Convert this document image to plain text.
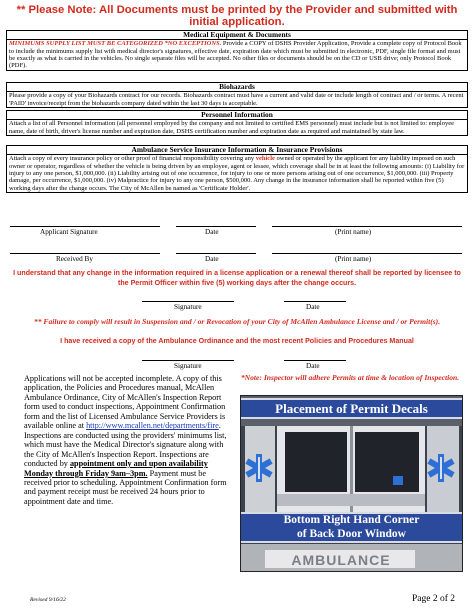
** Please Note: All Documents must be printed by the Provider and submitted with initial application.
Medical Equipment & Documents
MINIMUMS SUPPLY LIST MUST BE CATEGORIZED *NO EXCEPTIONS. Provide a COPY of DSHS Provider Application, Provide a complete copy of Protocol Book to include the minimums supply list with medical director's signatures, effective date, expiration date which must be submitted in electronic, PDF, single file format and must be exactly as what is carried in the vehicles. No single separate files will be accepted. No other files or documents should be on the CD or USB drive; only Protocol Book (PDF).
Biohazards
Please provide a copy of your Biohazards contract for our records. Biohazards contract must have a current and valid date or include length of contract and / or terms. A recent 'PAID' invoice/receipt from the biohazards company dated within the last 30 days is acceptable.
Personnel Information
Attach a list of all Personnel information (all personnel employed by the company and not limited to certified EMS personnel) must include but is not limited to: employee name, date of birth, driver's license number and expiration date, DSHS certification number and expiration date as required and maintained by state law.
Ambulance Service Insurance Information & Insurance Provisions
Attach a copy of every insurance policy or other proof of financial responsibility covering any vehicle owned or operated by the applicant for any liability imposed on such owner or operator, regardless of whether the vehicle is being driven by an employee, agent or lessee, which coverage shall be in at least the following amounts: (i) Liability for injury to any one person, $1,000,000. (ii) Liability arising out of one occurrence, for injury to one or more persons arising out of one occurrence, $1,000,000. (iii) Property damage, per occurrence, $1,000,000. (iv) Malpractice for injury to any one person, $500,000. Any change in the insurance information shall be reported within five (5) working days after the change occurs. The City of McAllen be named as 'Certificate Holder'.
Applicant Signature	Date	(Print name)
Received By	Date	(Print name)
I understand that any change in the information required in a license application or a renewal thereof shall be reported by licensee to the Permit Officer within five (5) working days after the change occurs.
Signature	Date
** Failure to comply will result in Suspension and / or Revocation of your City of McAllen Ambulance License and / or Permit(s).
I have received a copy of the Ambulance Ordinance and the most recent Policies and Procedures Manual
Signature	Date
Applications will not be accepted incomplete. A copy of this application, the Policies and Procedures manual, McAllen Ambulance Ordinance, City of McAllen's Inspection Report form used to conduct inspections, Appointment Confirmation form and the list of Licensed Ambulance Service Providers is available online at http://www.mcallen.net/departments/fire. Inspections are conducted using the providers' minimums list, which must have the Medical Director's signature along with the City of McAllen's Inspection Report. Inspections are conducted by appointment only and upon availability Monday through Friday 9am–3pm. Payment must be received prior to scheduling. Appointment Confirmation form and payment receipt must be received 24 hours prior to appointment date and time.
*Note: Inspector will adhere Permits at time & location of Inspection.
Placement of Permit Decals
Bottom Right Hand Corner
of Back Door Window
AMBULANCE
Revised 9/16/22	Page 2 of 2
